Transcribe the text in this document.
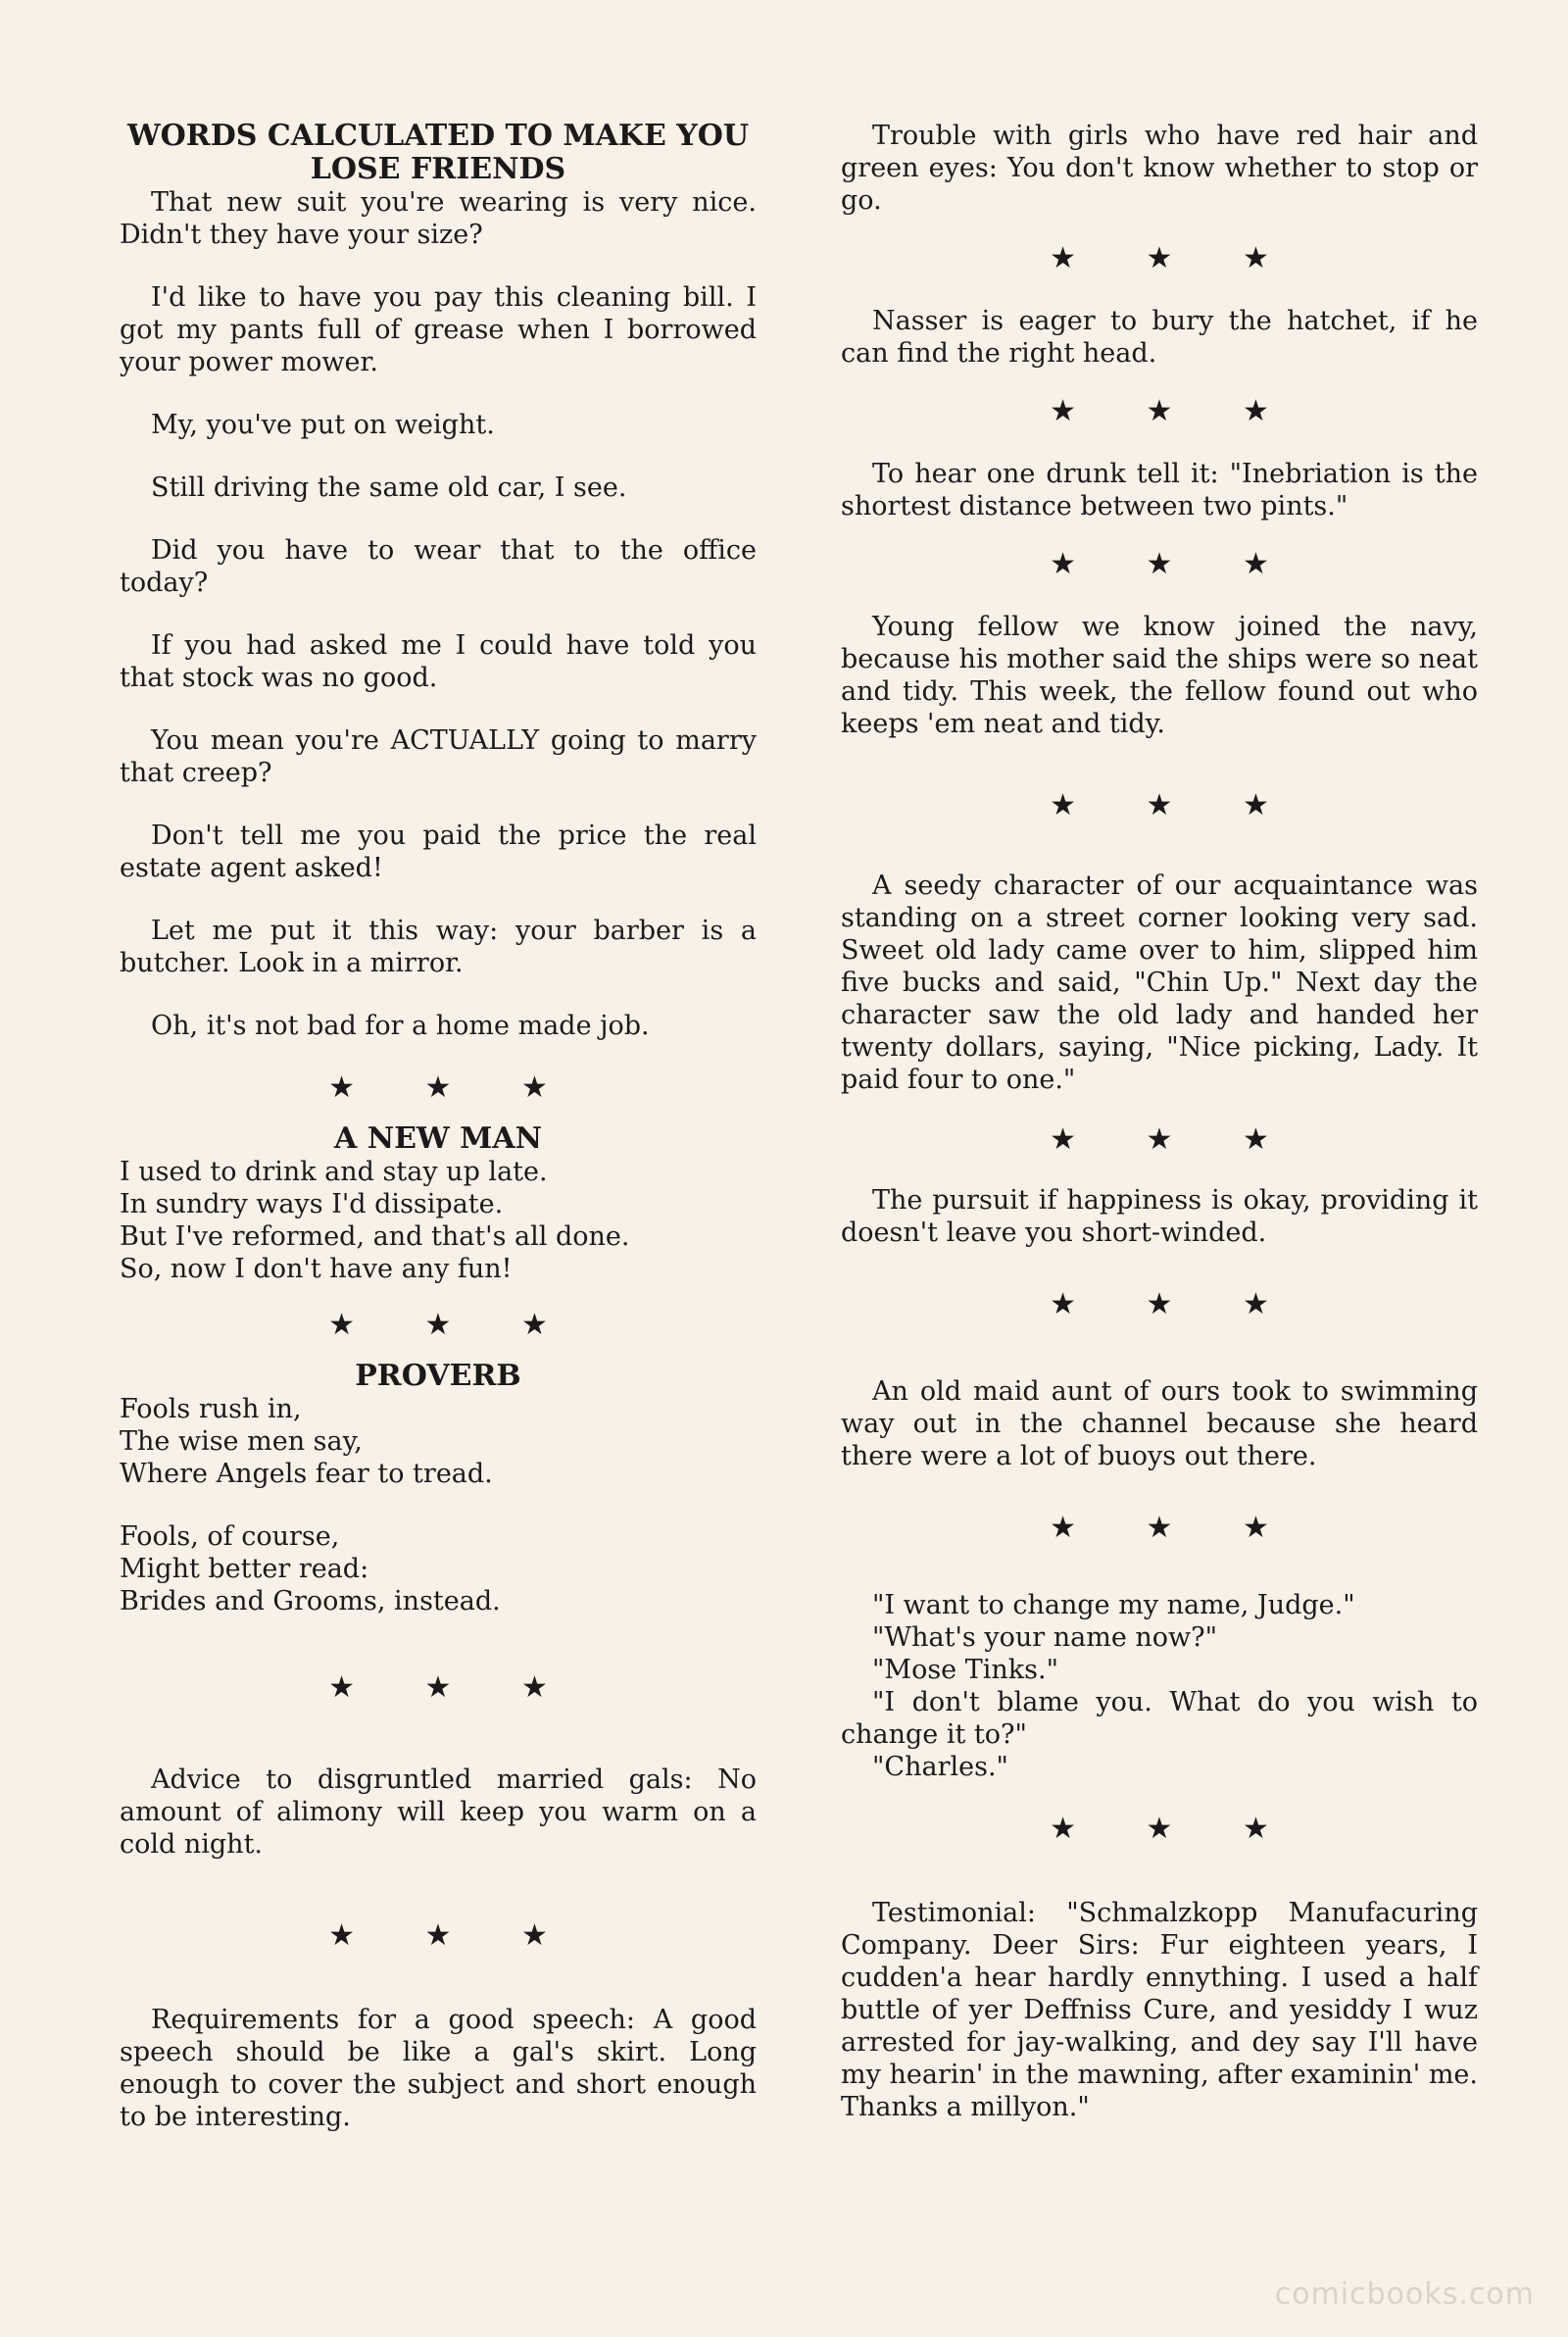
WORDS CALCULATED TO MAKE YOU
LOSE FRIENDS

That new suit you're wearing is very nice. Didn't they have your size?

I'd like to have you pay this cleaning bill. I got my pants full of grease when I borrowed your power mower.

My, you've put on weight.

Still driving the same old car, I see.

Did you have to wear that to the office today?

If you had asked me I could have told you that stock was no good.

You mean you're ACTUALLY going to marry that creep?

Don't tell me you paid the price the real estate agent asked!

Let me put it this way: your barber is a butcher. Look in a mirror.

Oh, it's not bad for a home made job.

★ ★ ★
A NEW MAN

I used to drink and stay up late.

In sundry ways I'd dissipate.

But I've reformed, and that's all done.

So, now I don't have any fun!

★ ★ ★
PROVERB

Fools rush in,

The wise men say,

Where Angels fear to tread.

Fools, of course,

Might better read:

Brides and Grooms, instead.

★ ★ ★

Advice to disgruntled married gals: No amount of alimony will keep you warm on a cold night.

★ ★ ★

Requirements for a good speech: A good speech should be like a gal's skirt. Long enough to cover the subject and short enough to be interesting.

Trouble with girls who have red hair and green eyes: You don't know whether to stop or go.

★ ★ ★

Nasser is eager to bury the hatchet, if he can find the right head.

★ ★ ★

To hear one drunk tell it: "Inebriation is the shortest distance between two pints."

★ ★ ★

Young fellow we know joined the navy, because his mother said the ships were so neat and tidy. This week, the fellow found out who keeps 'em neat and tidy.

★ ★ ★

A seedy character of our acquaintance was standing on a street corner looking very sad. Sweet old lady came over to him, slipped him five bucks and said, "Chin Up." Next day the character saw the old lady and handed her twenty dollars, saying, "Nice picking, Lady. It paid four to one."

★ ★ ★

The pursuit if happiness is okay, providing it doesn't leave you short-winded.

★ ★ ★

An old maid aunt of ours took to swimming way out in the channel because she heard there were a lot of buoys out there.

★ ★ ★

"I want to change my name, Judge."

"What's your name now?"

"Mose Tinks."

"I don't blame you. What do you wish to change it to?"

"Charles."

★ ★ ★

Testimonial: "Schmalzkopp Manufacuring Company. Deer Sirs: Fur eighteen years, I cudden'a hear hardly ennything. I used a half buttle of yer Deffniss Cure, and yesiddy I wuz arrested for jay-walking, and dey say I'll have my hearin' in the mawning, after examinin' me. Thanks a millyon."

comicbooks.com
